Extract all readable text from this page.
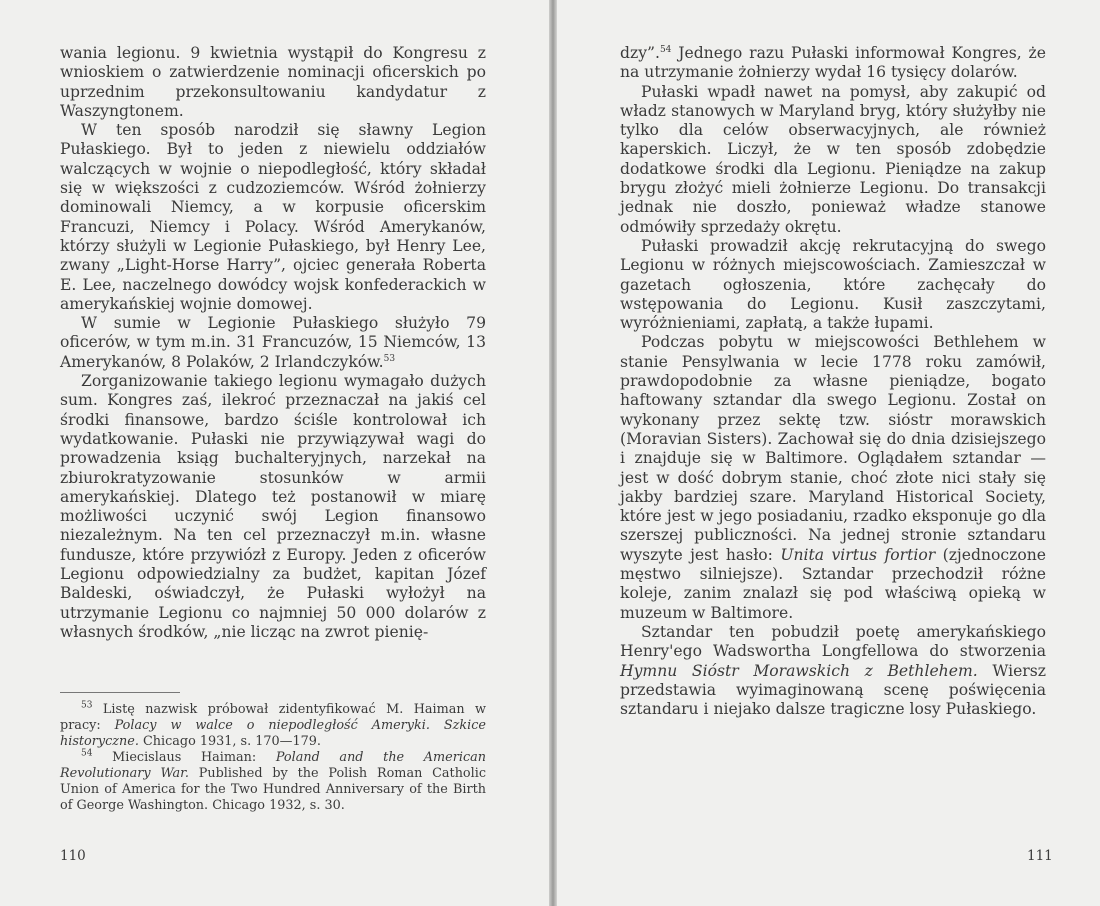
wania legionu. 9 kwietnia wystąpił do Kongresu z wnioskiem o zatwierdzenie nominacji oficerskich po uprzednim przekonsultowaniu kandydatur z Waszyngtonem.

W ten sposób narodził się sławny Legion Pułaskiego. Był to jeden z niewielu oddziałów walczących w wojnie o niepodległość, który składał się w większości z cudzoziemców. Wśród żołnierzy dominowali Niemcy, a w korpusie oficerskim Francuzi, Niemcy i Polacy. Wśród Amerykanów, którzy służyli w Legionie Pułaskiego, był Henry Lee, zwany „Light-Horse Harry”, ojciec generała Roberta E. Lee, naczelnego dowódcy wojsk konfederackich w amerykańskiej wojnie domowej.

W sumie w Legionie Pułaskiego służyło 79 oficerów, w tym m.in. 31 Francuzów, 15 Niemców, 13 Amerykanów, 8 Polaków, 2 Irlandczyków.$^{53}$

Zorganizowanie takiego legionu wymagało dużych sum. Kongres zaś, ilekroć przeznaczał na jakiś cel środki finansowe, bardzo ściśle kontrolował ich wydatkowanie. Pułaski nie przywiązywał wagi do prowadzenia ksiąg buchalteryjnych, narzekał na zbiurokratyzowanie stosunków w armii amerykańskiej. Dlatego też postanowił w miarę możliwości uczynić swój Legion finansowo niezależnym. Na ten cel przeznaczył m.in. własne fundusze, które przywiózł z Europy. Jeden z oficerów Legionu odpowiedzialny za budżet, kapitan Józef Baldeski, oświadczył, że Pułaski wyłożył na utrzymanie Legionu co najmniej 50 000 dolarów z własnych środków, „nie licząc na zwrot pienię-

$^{53}$ Listę nazwisk próbował zidentyfikować M. Haiman w pracy: Polacy w walce o niepodległość Ameryki. Szkice historyczne. Chicago 1931, s. 170—179.

$^{54}$ Miecislaus Haiman: Poland and the American Revolutionary War. Published by the Polish Roman Catholic Union of America for the Two Hundred Anniversary of the Birth of George Washington. Chicago 1932, s. 30.

110

dzy”.$^{54}$ Jednego razu Pułaski informował Kongres, że na utrzymanie żołnierzy wydał 16 tysięcy dolarów.

Pułaski wpadł nawet na pomysł, aby zakupić od władz stanowych w Maryland bryg, który służyłby nie tylko dla celów obserwacyjnych, ale również kaperskich. Liczył, że w ten sposób zdobędzie dodatkowe środki dla Legionu. Pieniądze na zakup brygu złożyć mieli żołnierze Legionu. Do transakcji jednak nie doszło, ponieważ władze stanowe odmówiły sprzedaży okrętu.

Pułaski prowadził akcję rekrutacyjną do swego Legionu w różnych miejscowościach. Zamieszczał w gazetach ogłoszenia, które zachęcały do wstępowania do Legionu. Kusił zaszczytami, wyróżnieniami, zapłatą, a także łupami.

Podczas pobytu w miejscowości Bethlehem w stanie Pensylwania w lecie 1778 roku zamówił, prawdopodobnie za własne pieniądze, bogato haftowany sztandar dla swego Legionu. Został on wykonany przez sektę tzw. sióstr morawskich (Moravian Sisters). Zachował się do dnia dzisiejszego i znajduje się w Baltimore. Oglądałem sztandar — jest w dość dobrym stanie, choć złote nici stały się jakby bardziej szare. Maryland Historical Society, które jest w jego posiadaniu, rzadko eksponuje go dla szerszej publiczności. Na jednej stronie sztandaru wyszyte jest hasło: Unita virtus fortior (zjednoczone męstwo silniejsze). Sztandar przechodził różne koleje, zanim znalazł się pod właściwą opieką w muzeum w Baltimore.

Sztandar ten pobudził poetę amerykańskiego Henry'ego Wadswortha Longfellowa do stworzenia Hymnu Sióstr Morawskich z Bethlehem. Wiersz przedstawia wyimaginowaną scenę poświęcenia sztandaru i niejako dalsze tragiczne losy Pułaskiego.

111
